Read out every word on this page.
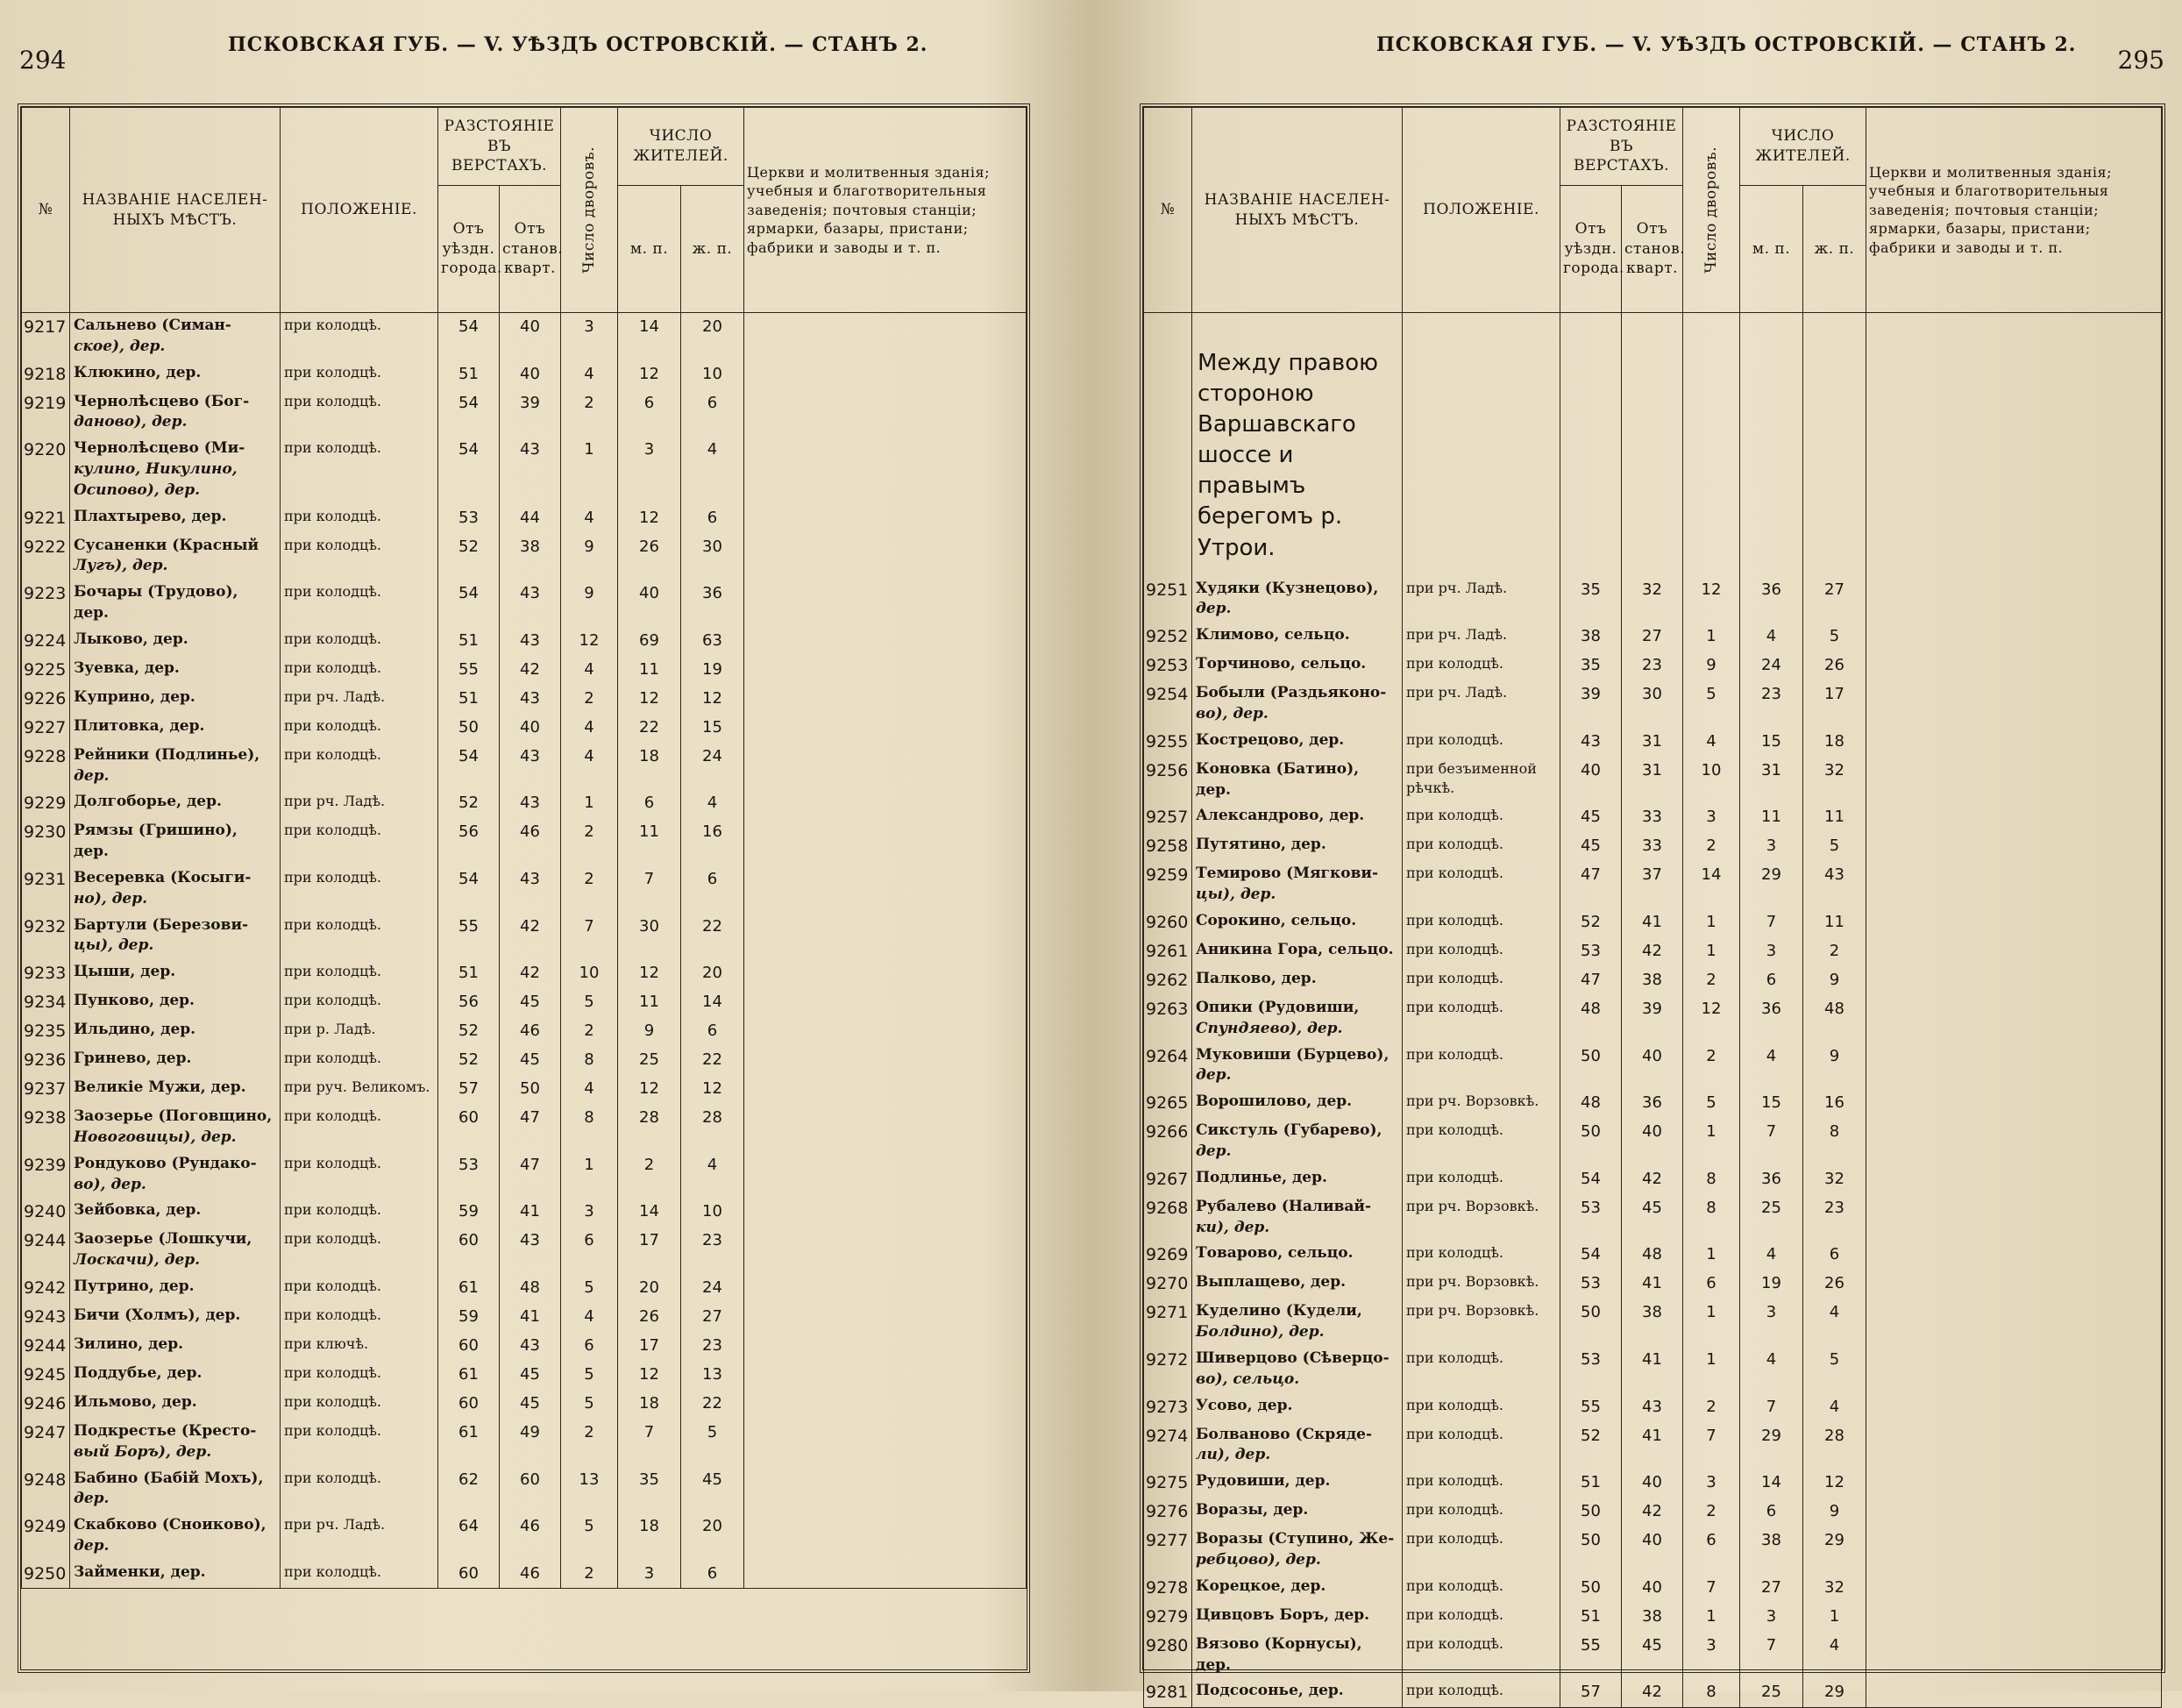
294
ПСКОВСКАЯ ГУБ. — V. УѢЗДЪ ОСТРОВСКІЙ. — СТАНЪ 2.
№	НАЗВАНІЕ НАСЕЛЕН-НЫХЪ МѢСТЪ.	ПОЛОЖЕНІЕ.	РАЗСТОЯНІЕ ВЪ ВЕРСТАХЪ.		Число дворовъ.	ЧИСЛО ЖИТЕЛЕЙ.		Церкви и молитвенныя зданія; учебныя и благотворительныя заведенія; почтовыя станціи; ярмарки, базары, пристани; фабрики и заводы и т. п.
			Отъ уѣздн. города.	Отъ станов. кварт.		м. п.	ж. п.	
9217	Сальнево (Симан-
ское), дер.	при колодцѣ.	54	40	3	14	20	
9218	Клюкино, дер.	при колодцѣ.	51	40	4	12	10	
9219	Чернолѣсцево (Бог-
даново), дер.	при колодцѣ.	54	39	2	6	6	
9220	Чернолѣсцево (Ми-
кулино, Никулино, Осипово), дер.	при колодцѣ.	54	43	1	3	4	
9221	Плахтырево, дер.	при колодцѣ.	53	44	4	12	6	
9222	Сусаненки (Красный
Лугъ), дер.	при колодцѣ.	52	38	9	26	30	
9223	Бочары (Трудово), дер.	при колодцѣ.	54	43	9	40	36	
9224	Лыково, дер.	при колодцѣ.	51	43	12	69	63	
9225	Зуевка, дер.	при колодцѣ.	55	42	4	11	19	
9226	Куприно, дер.	при рч. Ладѣ.	51	43	2	12	12	
9227	Плитовка, дер.	при колодцѣ.	50	40	4	22	15	
9228	Рейники (Подлинье),
дер.	при колодцѣ.	54	43	4	18	24	
9229	Долгоборье, дер.	при рч. Ладѣ.	52	43	1	6	4	
9230	Рямзы (Гришино), дер.	при колодцѣ.	56	46	2	11	16	
9231	Весеревка (Косыги-
но), дер.	при колодцѣ.	54	43	2	7	6	
9232	Бартули (Березови-
цы), дер.	при колодцѣ.	55	42	7	30	22	
9233	Цыши, дер.	при колодцѣ.	51	42	10	12	20	
9234	Пунково, дер.	при колодцѣ.	56	45	5	11	14	
9235	Ильдино, дер.	при р. Ладѣ.	52	46	2	9	6	
9236	Гринево, дер.	при колодцѣ.	52	45	8	25	22	
9237	Великіе Мужи, дер.	при руч. Великомъ.	57	50	4	12	12	
9238	Заозерье (Поговщино,
Новоговицы), дер.	при колодцѣ.	60	47	8	28	28	
9239	Рондуково (Рундако-
во), дер.	при колодцѣ.	53	47	1	2	4	
9240	Зейбовка, дер.	при колодцѣ.	59	41	3	14	10	
9244	Заозерье (Лошкучи,
Лоскачи), дер.	при колодцѣ.	60	43	6	17	23	
9242	Путрино, дер.	при колодцѣ.	61	48	5	20	24	
9243	Бичи (Холмъ), дер.	при колодцѣ.	59	41	4	26	27	
9244	Зилино, дер.	при ключѣ.	60	43	6	17	23	
9245	Поддубье, дер.	при колодцѣ.	61	45	5	12	13	
9246	Ильмово, дер.	при колодцѣ.	60	45	5	18	22	
9247	Подкрестье (Кресто-
вый Боръ), дер.	при колодцѣ.	61	49	2	7	5	
9248	Бабино (Бабій Мохъ),
дер.	при колодцѣ.	62	60	13	35	45	
9249	Скабково (Сноиково),
дер.	при рч. Ладѣ.	64	46	5	18	20	
9250	Займенки, дер.	при колодцѣ.	60	46	2	3	6	
ПСКОВСКАЯ ГУБ. — V. УѢЗДЪ ОСТРОВСКІЙ. — СТАНЪ 2.
295
№	НАЗВАНІЕ НАСЕЛЕН-НЫХЪ МѢСТЪ.	ПОЛОЖЕНІЕ.	РАЗСТОЯНІЕ ВЪ ВЕРСТАХЪ.		Число дворовъ.	ЧИСЛО ЖИТЕЛЕЙ.		Церкви и молитвенныя зданія; учебныя и благотворительныя заведенія; почтовыя станціи; ярмарки, базары, пристани; фабрики и заводы и т. п.
			Отъ уѣздн. города.	Отъ станов. кварт.		м. п.	ж. п.	
	Между правою стороною Варшавскаго шоссе и правымъ берегомъ р. Утрои.							
9251	Худяки (Кузнецово),
дер.	при рч. Ладѣ.	35	32	12	36	27	
9252	Климово, сельцо.	при рч. Ладѣ.	38	27	1	4	5	
9253	Торчиново, сельцо.	при колодцѣ.	35	23	9	24	26	
9254	Бобыли (Раздьяконо-
во), дер.	при рч. Ладѣ.	39	30	5	23	17	
9255	Кострецово, дер.	при колодцѣ.	43	31	4	15	18	
9256	Коновка (Батино), дер.	при безъименной рѣчкѣ.	40	31	10	31	32	
9257	Александрово, дер.	при колодцѣ.	45	33	3	11	11	
9258	Путятино, дер.	при колодцѣ.	45	33	2	3	5	
9259	Темирово (Мягкови-
цы), дер.	при колодцѣ.	47	37	14	29	43	
9260	Сорокино, сельцо.	при колодцѣ.	52	41	1	7	11	
9261	Аникина Гора, сельцо.	при колодцѣ.	53	42	1	3	2	
9262	Палково, дер.	при колодцѣ.	47	38	2	6	9	
9263	Опики (Рудовиши,
Спундяево), дер.	при колодцѣ.	48	39	12	36	48	
9264	Муковиши (Бурцево),
дер.	при колодцѣ.	50	40	2	4	9	
9265	Ворошилово, дер.	при рч. Ворзовкѣ.	48	36	5	15	16	
9266	Сикстуль (Губарево),
дер.	при колодцѣ.	50	40	1	7	8	
9267	Подлинье, дер.	при колодцѣ.	54	42	8	36	32	
9268	Рубалево (Наливай-
ки), дер.	при рч. Ворзовкѣ.	53	45	8	25	23	
9269	Товарово, сельцо.	при колодцѣ.	54	48	1	4	6	
9270	Выплащево, дер.	при рч. Ворзовкѣ.	53	41	6	19	26	
9271	Куделино (Кудели,
Болдино), дер.	при рч. Ворзовкѣ.	50	38	1	3	4	
9272	Шиверцово (Сѣверцо-
во), сельцо.	при колодцѣ.	53	41	1	4	5	
9273	Усово, дер.	при колодцѣ.	55	43	2	7	4	
9274	Болваново (Скряде-
ли), дер.	при колодцѣ.	52	41	7	29	28	
9275	Рудовиши, дер.	при колодцѣ.	51	40	3	14	12	
9276	Воразы, дер.	при колодцѣ.	50	42	2	6	9	
9277	Воразы (Ступино, Же-
ребцово), дер.	при колодцѣ.	50	40	6	38	29	
9278	Корецкое, дер.	при колодцѣ.	50	40	7	27	32	
9279	Цивцовъ Боръ, дер.	при колодцѣ.	51	38	1	3	1	
9280	Вязово (Корнусы), дер.	при колодцѣ.	55	45	3	7	4	
9281	Подсосонье, дер.	при колодцѣ.	57	42	8	25	29	
